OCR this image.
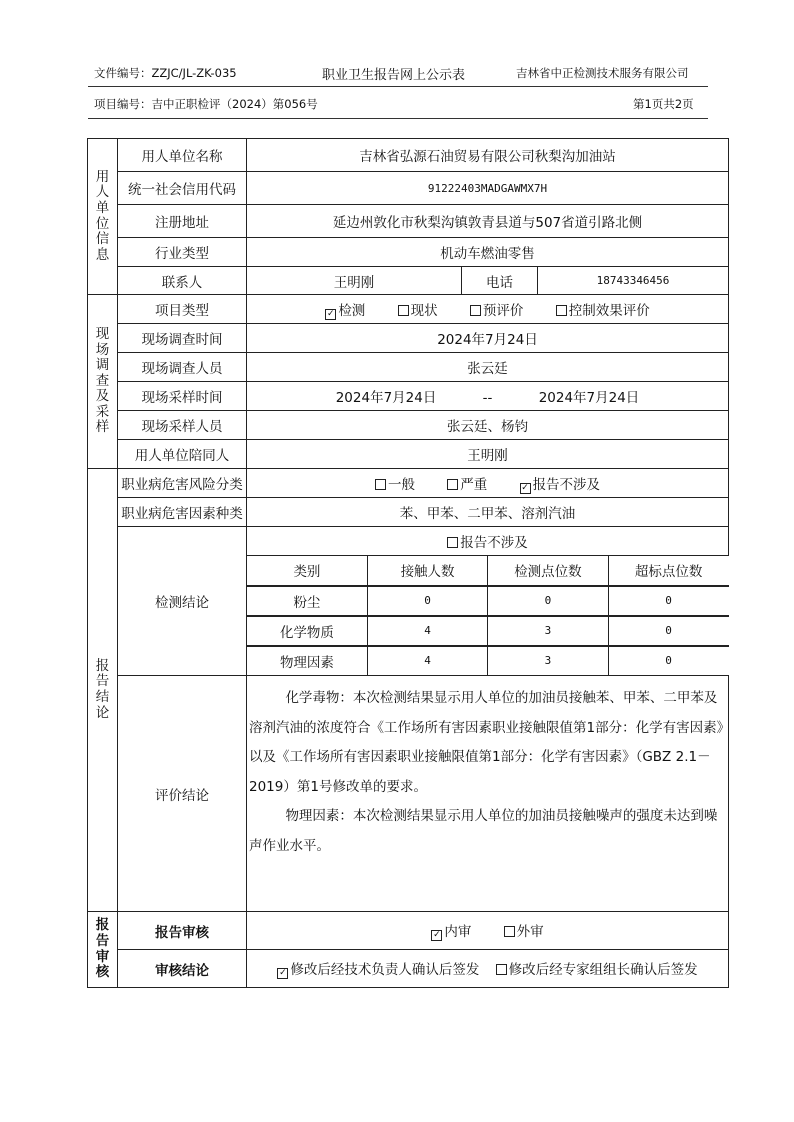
文件编号：ZZJC/JL-ZK-035	职业卫生报告网上公示表	吉林省中正检测技术服务有限公司
项目编号：吉中正职检评（2024）第056号	第1页共2页
用
人
单
位
信
息
	用人单位名称	吉林省弘源石油贸易有限公司秋梨沟加油站
统一社会信用代码	91222403MADGAWMX7H
注册地址	延边州敦化市秋梨沟镇敦青县道与507省道引路北侧
行业类型	机动车燃油零售
联系人	王明刚	电话	18743346456

现
场
调
查
及
采
样
	项目类型	✓ 检测	现状	预评价	控制效果评价
现场调查时间	2024年7月24日
现场调查人员	张云廷
现场采样时间	2024年7月24日	--	2024年7月24日
现场采样人员	张云廷、杨钧
用人单位陪同人	王明刚

报
告
结
论
	职业病危害风险分类	一般	严重	✓ 报告不涉及
职业病危害因素种类	苯、甲苯、二甲苯、溶剂汽油
检测结论	报告不涉及

类别	接触人数	检测点位数	超标点位数

粉尘	0	0	0

化学物质	4	3	0

物理因素	4	3	0

评价结论	

化学毒物：本次检测结果显示用人单位的加油员接触苯、甲苯、二甲苯及溶剂汽油的浓度符合《工作场所有害因素职业接触限值第1部分：化学有害因素》以及《工作场所有害因素职业接触限值第1部分：化学有害因素》（GBZ 2.1－2019）第1号修改单的要求。

物理因素：本次检测结果显示用人单位的加油员接触噪声的强度未达到噪声作业水平。

报
告
审
核
	报告审核	✓ 内审	外审
审核结论	✓ 修改后经技术负责人确认后签发 修改后经专家组组长确认后签发
